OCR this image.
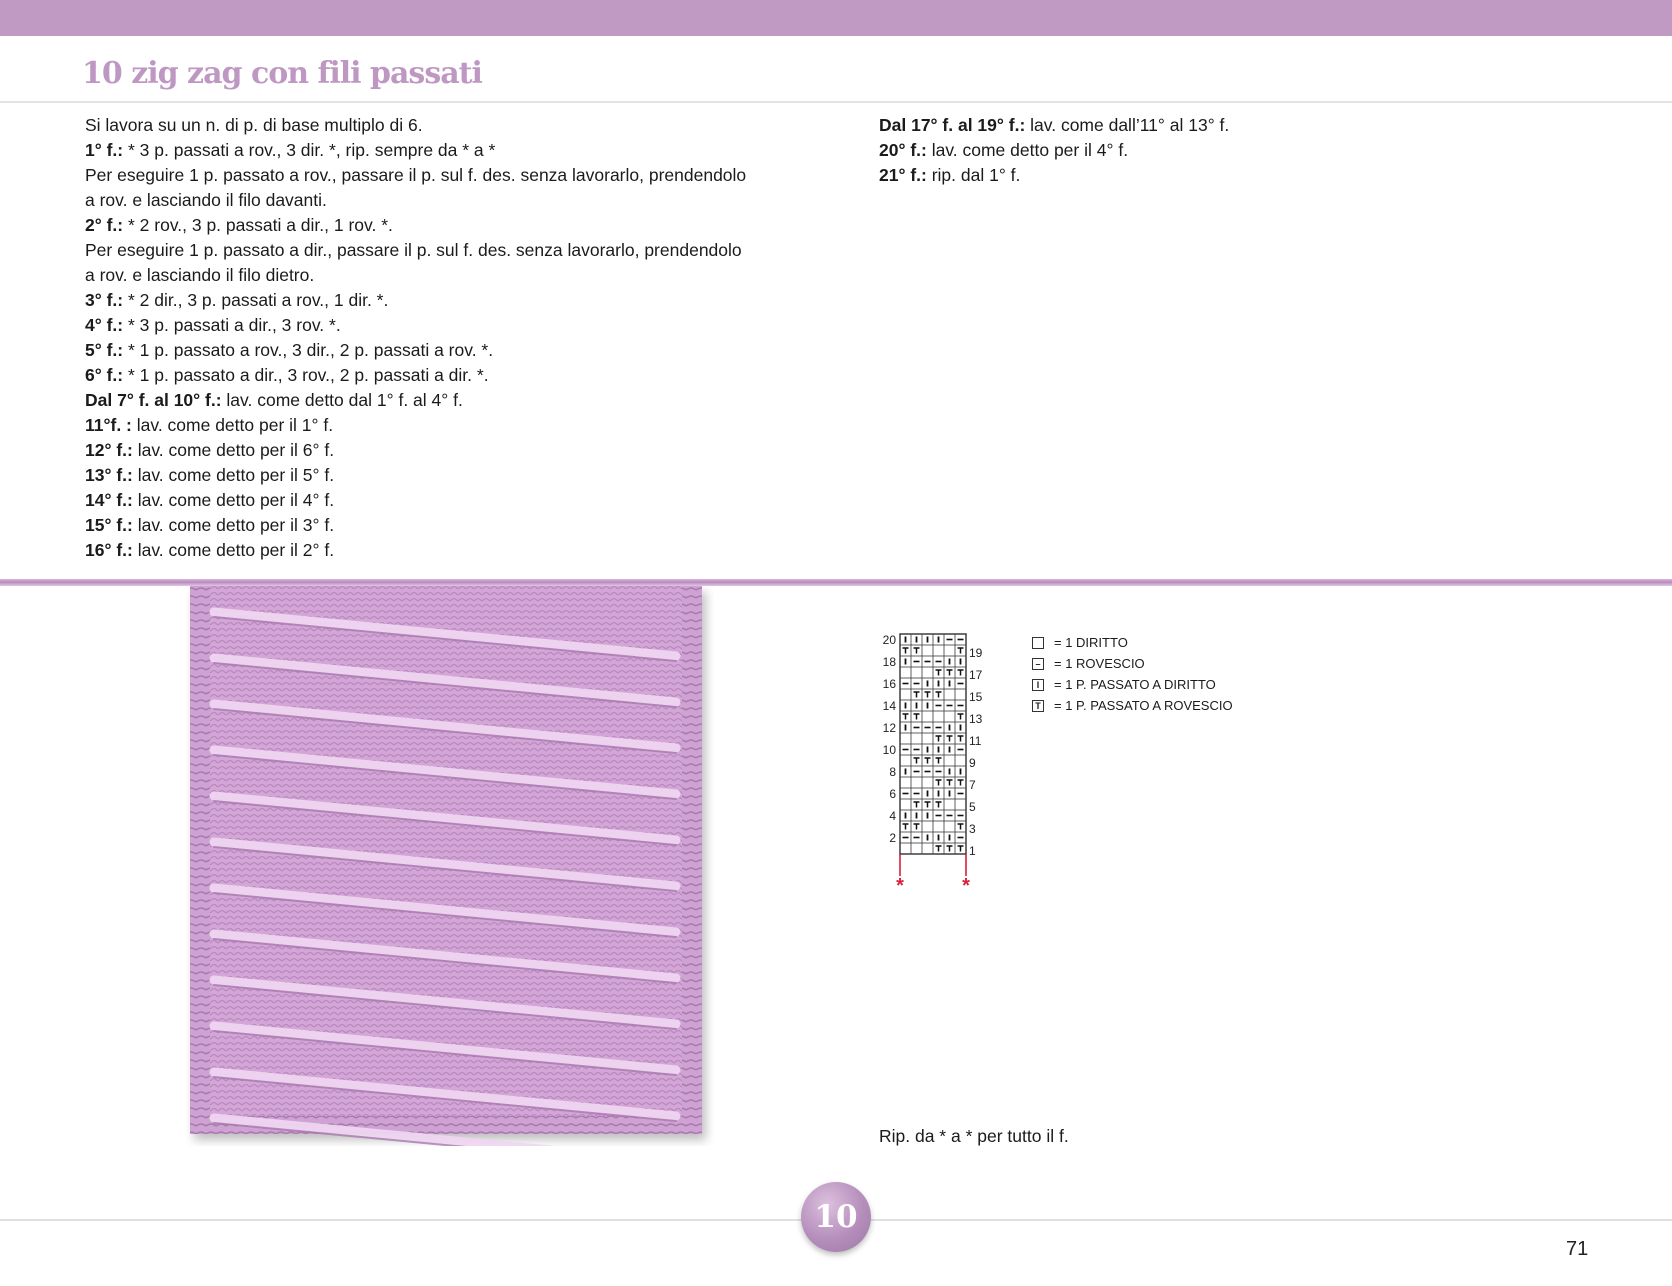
10 zig zag con fili passati
Si lavora su un n. di p. di base multiplo di 6.
1° f.: * 3 p. passati a rov., 3 dir. *, rip. sempre da * a *
Per eseguire 1 p. passato a rov., passare il p. sul f. des. senza lavorarlo, prendendolo
a rov. e lasciando il filo davanti.
2° f.: * 2 rov., 3 p. passati a dir., 1 rov. *.
Per eseguire 1 p. passato a dir., passare il p. sul f. des. senza lavorarlo, prendendolo
a rov. e lasciando il filo dietro.
3° f.: * 2 dir., 3 p. passati a rov., 1 dir. *.
4° f.: * 3 p. passati a dir., 3 rov. *.
5° f.: * 1 p. passato a rov., 3 dir., 2 p. passati a rov. *.
6° f.: * 1 p. passato a dir., 3 rov., 2 p. passati a dir. *.
Dal 7° f. al 10° f.: lav. come detto dal 1° f. al 4° f.
11°f. : lav. come detto per il 1° f.
12° f.: lav. come detto per il 6° f.
13° f.: lav. come detto per il 5° f.
14° f.: lav. come detto per il 4° f.
15° f.: lav. come detto per il 3° f.
16° f.: lav. come detto per il 2° f.
Dal 17° f. al 19° f.: lav. come dall’11° al 13° f.
20° f.: lav. come detto per il 4° f.
21° f.: rip. dal 1° f.
20
18
16
14
12
10
8
6
4
2
19
17
15
13
11
9
7
5
3
1
*	*
= 1 DIRITTO
– = 1 ROVESCIO
I	= 1 P. PASSATO A DIRITTO
T = 1 P. PASSATO A ROVESCIO
Rip. da * a * per tutto il f.
10
71
